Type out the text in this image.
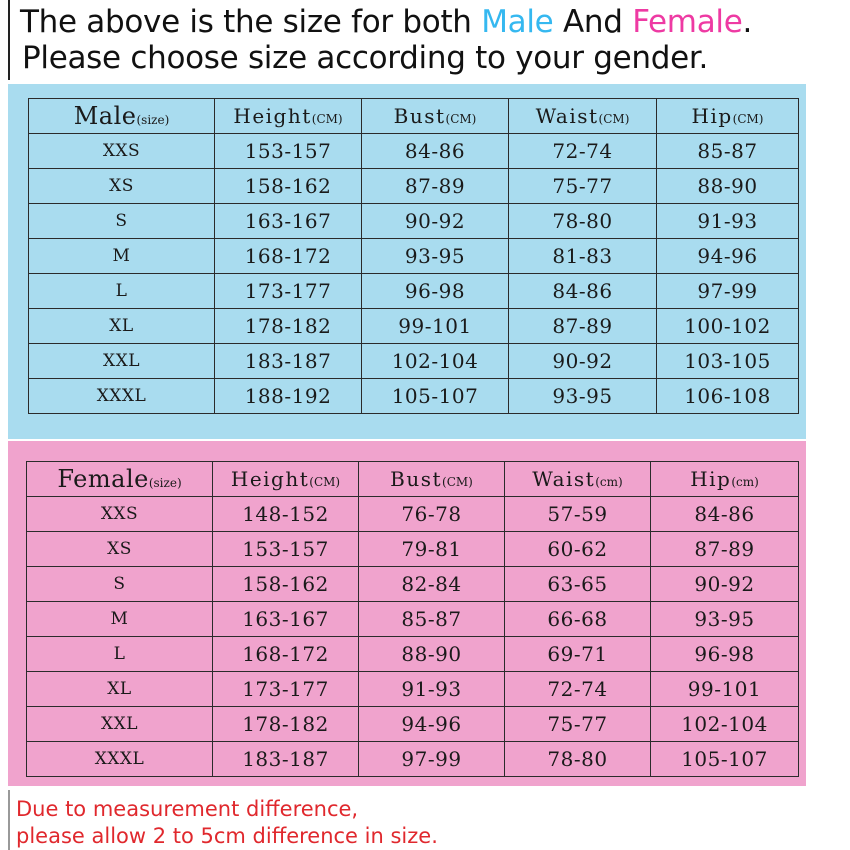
The above is the size for both Male And Female.
Please choose size according to your gender.
Male(size)	Height(CM)	Bust(CM)	Waist(CM)	Hip(CM)
XXS	153-157	84-86	72-74	85-87
XS	158-162	87-89	75-77	88-90
S	163-167	90-92	78-80	91-93
M	168-172	93-95	81-83	94-96
L	173-177	96-98	84-86	97-99
XL	178-182	99-101	87-89	100-102
XXL	183-187	102-104	90-92	103-105
XXXL	188-192	105-107	93-95	106-108
Female(size)	Height(CM)	Bust(CM)	Waist(cm)	Hip(cm)
XXS	148-152	76-78	57-59	84-86
XS	153-157	79-81	60-62	87-89
S	158-162	82-84	63-65	90-92
M	163-167	85-87	66-68	93-95
L	168-172	88-90	69-71	96-98
XL	173-177	91-93	72-74	99-101
XXL	178-182	94-96	75-77	102-104
XXXL	183-187	97-99	78-80	105-107
Due to measurement difference,
please allow 2 to 5cm difference in size.
